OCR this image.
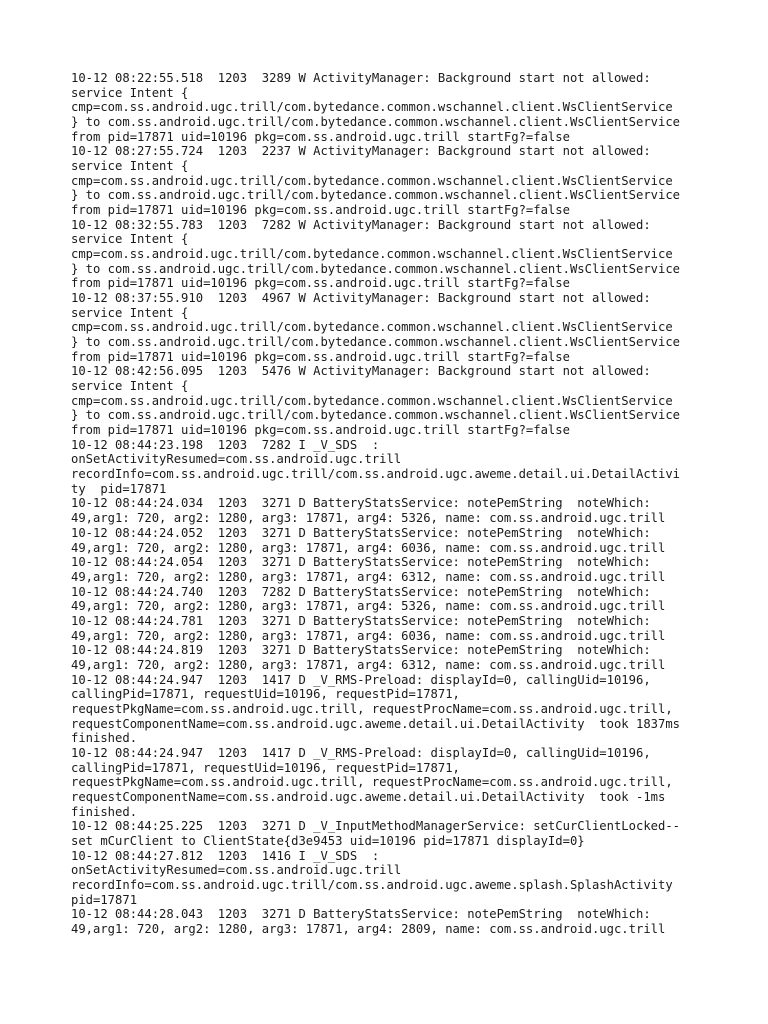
10-12 08:22:55.518  1203  3289 W ActivityManager: Background start not allowed:
service Intent {
cmp=com.ss.android.ugc.trill/com.bytedance.common.wschannel.client.WsClientService
} to com.ss.android.ugc.trill/com.bytedance.common.wschannel.client.WsClientService
from pid=17871 uid=10196 pkg=com.ss.android.ugc.trill startFg?=false
10-12 08:27:55.724  1203  2237 W ActivityManager: Background start not allowed:
service Intent {
cmp=com.ss.android.ugc.trill/com.bytedance.common.wschannel.client.WsClientService
} to com.ss.android.ugc.trill/com.bytedance.common.wschannel.client.WsClientService
from pid=17871 uid=10196 pkg=com.ss.android.ugc.trill startFg?=false
10-12 08:32:55.783  1203  7282 W ActivityManager: Background start not allowed:
service Intent {
cmp=com.ss.android.ugc.trill/com.bytedance.common.wschannel.client.WsClientService
} to com.ss.android.ugc.trill/com.bytedance.common.wschannel.client.WsClientService
from pid=17871 uid=10196 pkg=com.ss.android.ugc.trill startFg?=false
10-12 08:37:55.910  1203  4967 W ActivityManager: Background start not allowed:
service Intent {
cmp=com.ss.android.ugc.trill/com.bytedance.common.wschannel.client.WsClientService
} to com.ss.android.ugc.trill/com.bytedance.common.wschannel.client.WsClientService
from pid=17871 uid=10196 pkg=com.ss.android.ugc.trill startFg?=false
10-12 08:42:56.095  1203  5476 W ActivityManager: Background start not allowed:
service Intent {
cmp=com.ss.android.ugc.trill/com.bytedance.common.wschannel.client.WsClientService
} to com.ss.android.ugc.trill/com.bytedance.common.wschannel.client.WsClientService
from pid=17871 uid=10196 pkg=com.ss.android.ugc.trill startFg?=false
10-12 08:44:23.198  1203  7282 I _V_SDS  :
onSetActivityResumed=com.ss.android.ugc.trill
recordInfo=com.ss.android.ugc.trill/com.ss.android.ugc.aweme.detail.ui.DetailActivi
ty  pid=17871
10-12 08:44:24.034  1203  3271 D BatteryStatsService: notePemString  noteWhich:
49,arg1: 720, arg2: 1280, arg3: 17871, arg4: 5326, name: com.ss.android.ugc.trill
10-12 08:44:24.052  1203  3271 D BatteryStatsService: notePemString  noteWhich:
49,arg1: 720, arg2: 1280, arg3: 17871, arg4: 6036, name: com.ss.android.ugc.trill
10-12 08:44:24.054  1203  3271 D BatteryStatsService: notePemString  noteWhich:
49,arg1: 720, arg2: 1280, arg3: 17871, arg4: 6312, name: com.ss.android.ugc.trill
10-12 08:44:24.740  1203  7282 D BatteryStatsService: notePemString  noteWhich:
49,arg1: 720, arg2: 1280, arg3: 17871, arg4: 5326, name: com.ss.android.ugc.trill
10-12 08:44:24.781  1203  3271 D BatteryStatsService: notePemString  noteWhich:
49,arg1: 720, arg2: 1280, arg3: 17871, arg4: 6036, name: com.ss.android.ugc.trill
10-12 08:44:24.819  1203  3271 D BatteryStatsService: notePemString  noteWhich:
49,arg1: 720, arg2: 1280, arg3: 17871, arg4: 6312, name: com.ss.android.ugc.trill
10-12 08:44:24.947  1203  1417 D _V_RMS-Preload: displayId=0, callingUid=10196,
callingPid=17871, requestUid=10196, requestPid=17871,
requestPkgName=com.ss.android.ugc.trill, requestProcName=com.ss.android.ugc.trill,
requestComponentName=com.ss.android.ugc.aweme.detail.ui.DetailActivity  took 1837ms
finished.
10-12 08:44:24.947  1203  1417 D _V_RMS-Preload: displayId=0, callingUid=10196,
callingPid=17871, requestUid=10196, requestPid=17871,
requestPkgName=com.ss.android.ugc.trill, requestProcName=com.ss.android.ugc.trill,
requestComponentName=com.ss.android.ugc.aweme.detail.ui.DetailActivity  took -1ms
finished.
10-12 08:44:25.225  1203  3271 D _V_InputMethodManagerService: setCurClientLocked--
set mCurClient to ClientState{d3e9453 uid=10196 pid=17871 displayId=0}
10-12 08:44:27.812  1203  1416 I _V_SDS  :
onSetActivityResumed=com.ss.android.ugc.trill
recordInfo=com.ss.android.ugc.trill/com.ss.android.ugc.aweme.splash.SplashActivity
pid=17871
10-12 08:44:28.043  1203  3271 D BatteryStatsService: notePemString  noteWhich:
49,arg1: 720, arg2: 1280, arg3: 17871, arg4: 2809, name: com.ss.android.ugc.trill
